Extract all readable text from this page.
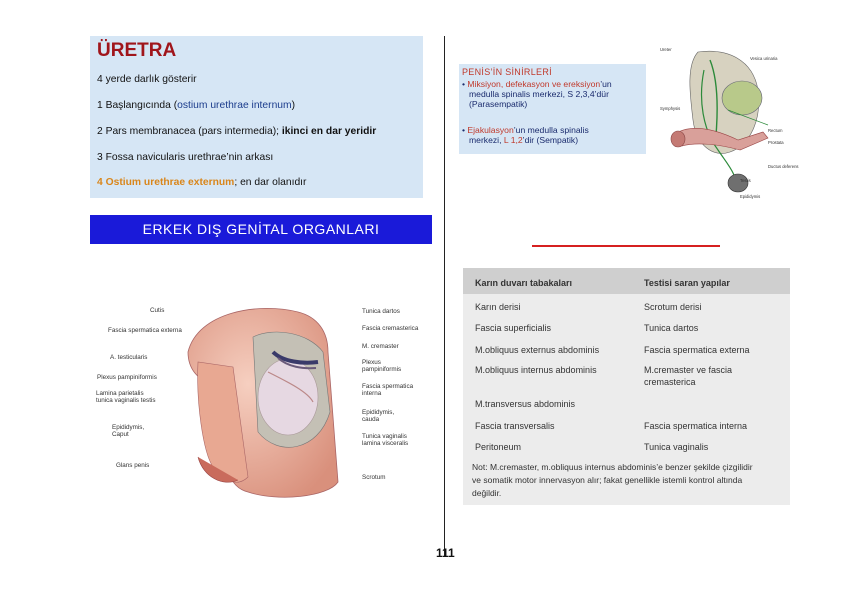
ÜRETRA
4 yerde darlık gösterir
1 Başlangıcında (ostium urethrae internum)
2 Pars membranacea (pars intermedia); ikinci en dar yeridir
3 Fossa navicularis urethrae’nin arkası
4 Ostium urethrae externum; en dar olanıdır
PENİS’İN SİNİRLERİ
• Miksiyon, defekasyon ve ereksiyon’un
medulla spinalis merkezi, S 2,3,4’dür
(Parasempatik)
• Ejakulasyon’un medulla spinalis
merkezi, L 1,2’dir (Sempatik)
Ureter
Vesica urinaria
Symphysis
Rectum
Prostata
Testis
Epididymis
Ductus deferens
ERKEK DIŞ GENİTAL ORGANLARI
Cutis
Fascia spermatica externa
A. testicularis
Plexus pampiniformis
Lamina parietalis tunica vaginalis testis
Epididymis, Caput
Glans penis
Tunica dartos
Fascia cremasterica
M. cremaster
Plexus pampiniformis
Fascia spermatica interna
Epididymis, cauda
Tunica vaginalis lamina visceralis
Scrotum
Karın duvarı tabakaları	Testisi saran yapılar
Karın derisi	Scrotum derisi
Fascia superficialis	Tunica dartos
M.obliquus externus abdominis	Fascia spermatica externa
M.obliquus internus abdominis	M.cremaster ve fascia
cremasterica
M.transversus abdominis
Fascia transversalis	Fascia spermatica interna
Peritoneum	Tunica vaginalis
Not: M.cremaster, m.obliquus internus abdominis’e benzer şekilde çizgilidir
ve somatik motor innervasyon alır; fakat genellikle istemli kontrol altında
değildir.
111
